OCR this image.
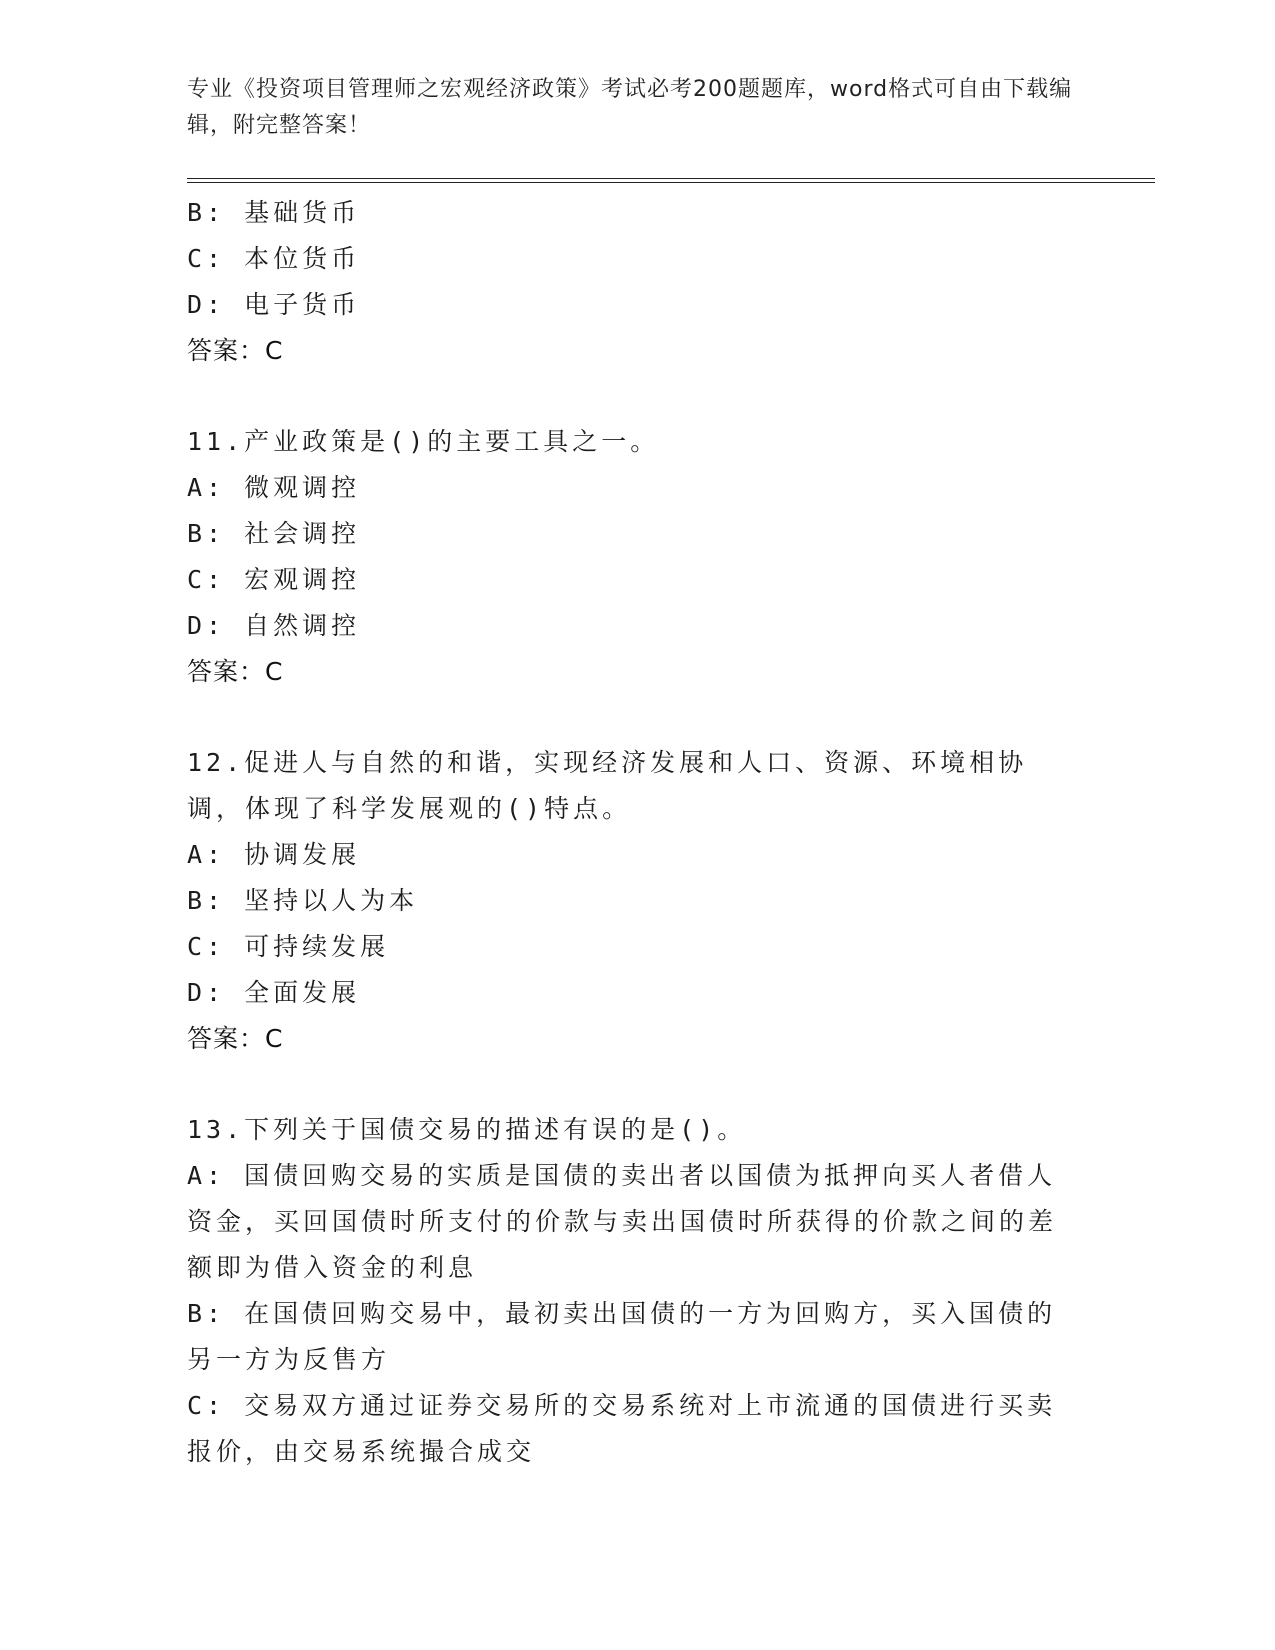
专业《投资项目管理师之宏观经济政策》考试必考200题题库，word格式可自由下载编辑，附完整答案！
B: 基础货币
C: 本位货币
D: 电子货币
答案：C
11.产业政策是()的主要工具之一。
A: 微观调控
B: 社会调控
C: 宏观调控
D: 自然调控
答案：C
12.促进人与自然的和谐，实现经济发展和人口、资源、环境相协调，体现了科学发展观的()特点。
A: 协调发展
B: 坚持以人为本
C: 可持续发展
D: 全面发展
答案：C
13.下列关于国债交易的描述有误的是()。
A: 国债回购交易的实质是国债的卖出者以国债为抵押向买人者借人资金，买回国债时所支付的价款与卖出国债时所获得的价款之间的差额即为借入资金的利息
B: 在国债回购交易中，最初卖出国债的一方为回购方，买入国债的另一方为反售方
C: 交易双方通过证券交易所的交易系统对上市流通的国债进行买卖报价，由交易系统撮合成交
